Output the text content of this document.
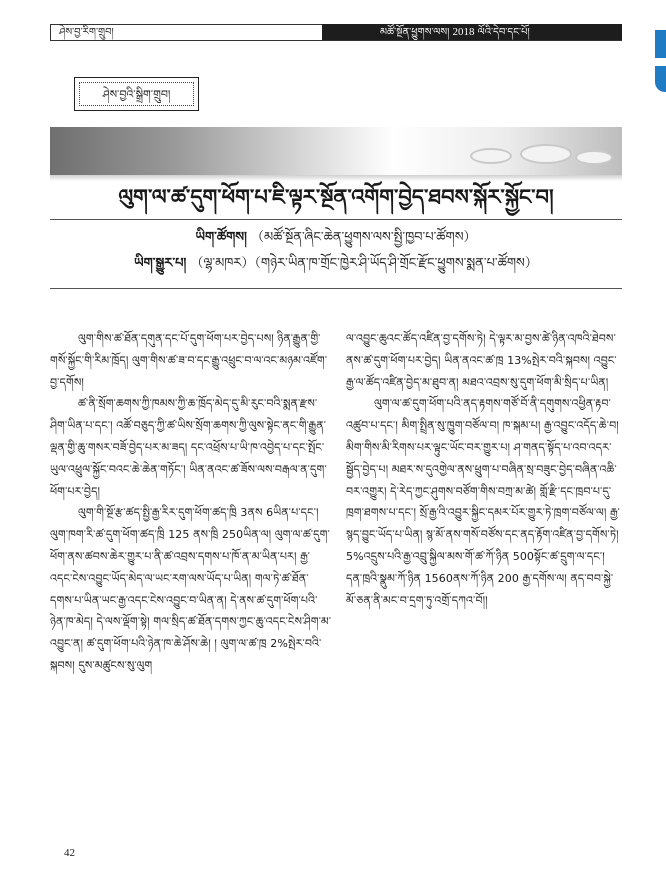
ཤེས་བྱ་རིག་གྲུབ།	མཚོ་སྔོན་ཕྱུགས་ལས། 2018 ལོའི་དེབ་དང་པོ།
ཤེས་བྱའི་སྒྲིག་གྲུབ།
ལུག་ལ་ཚ་དུག་ཕོག་པ་ཇི་ལྟར་སྔོན་འགོག་བྱེད་ཐབས་སྐོར་སྐྱོང་བ།
ཡིག་ཚོགས། （མཚོ་སྔོན་ཞིང་ཆེན་ཕྱུགས་ལས་སྤྱི་ཁྱབ་པ་ཚོགས）
ཡིག་སྒྱུར་པ། （ལྷ་མཁར）（གཉེར་ཡིན་ཁ་གྲོང་ཁྱེར་ཤི་ཡོད་ཤི་གྲོང་རྫོང་ཕྱུགས་སྨན་པ་ཚོགས）

ལུག་གིས་ཚ་ཐོན་དགུན་དང་པོ་དུག་ཕོག་པར་བྱེད་པས། ཉིན་རྒྱུན་གྱི་གསོ་སྐྱོང་གི་རིམ་ཁྲོད། ལུག་གིས་ཚ་ཟ་བ་དང་རྒྱུ་འཕྲུང་བ་ལ་འང་མཉམ་འཛོག་བྱ་དགོས།

ཚ་ནི་སྲོག་ཆགས་ཀྱི་ཁམས་ཀྱི་ཆ་ཁྲོད་མེད་དུ་མི་རུང་བའི་སྨན་རྫས་ཤིག་ཡིན་པ་དང་། འཚོ་བཅུད་ཀྱི་ཚ་ཡིས་སྲོག་ཆགས་ཀྱི་ལུས་སྟེང་ནང་གི་རྒྱུན་ལྡན་གྱི་ཆུ་གསར་བཟོ་བྱེད་པར་མ་ཟད། དང་འཕྲོས་པ་ཡི་ཁ་འབྱེད་པ་དང་སྤོང་ཡུལ་འཕྲུལ་སྐྱོང་བའང་ཆེ་ཆེན་གཏོང་། ཡིན་ནའང་ཚ་ཟོས་ལས་བརྒལ་ན་དུག་ཕོག་པར་བྱེད།

ལུག་གི་སྔོ་རྩ་ཚད་སྤྱི་རྒྱ་རིར་དུག་ཕོག་ཚད་ཁྲི 3ནས 6ཡིན་པ་དང་། ལུག་ཁག་རི་ཚ་དུག་ཕོག་ཚད་ཁྲི 125 ནས་ཁྲི 250ཡིན་ལ། ལུག་ལ་ཚ་དུག་ཕོག་ནས་ཚབས་ཆེར་གྱུར་པ་ནི་ཚ་འབྲས་དགས་པ་ཁོ་ན་མ་ཡིན་པར། རྒྱ་འདང་ངེས་འབྱུང་ཡོད་མེད་ལ་ཡང་རག་ལས་ཡོད་པ་ཡིན། གལ་ཏེ་ཚ་ཐོན་དགས་པ་ཡིན་ཡང་རྒྱ་འདང་ངེས་འབྱུང་བ་ཡིན་ན། དེ་ནས་ཚ་དུག་ཕོག་པའི་ཉེན་ཁ་མེད། དེ་ལས་ལྡོག་སྟེ། གལ་སྲིད་ཚ་ཐོན་དགས་ཀྱང་ཆུ་འདང་ངེས་ཤིག་མ་འབྱུང་ན། ཚ་དུག་ཕོག་པའི་ཉེན་ཁ་ཆེ་ཤོས་ཆེ། ། ལུག་ལ་ཚ་ཁྲ 2%སྤེར་བའི་སྐབས། དུས་མཚུངས་སུ་ལུག

ལ་འབྱུང་ཆུའང་ཚོད་འཛིན་བྱ་དགོས་ཏེ། དེ་ལྟར་མ་བྱས་ཚེ་ཉིན་འཁའི་ཐེབས་ནས་ཚ་དུག་ཕོག་པར་བྱེད། ཡིན་ནའང་ཚ་ཁྲ 13%སྤེར་བའི་སྐབས། འབྱུང་རྒྱ་ལ་ཚོད་འཛིན་བྱེད་མ་ཐུབ་ན། མཐའ་འབྲས་སུ་དུག་ཕོག་མི་སྲིད་པ་ཡིན།

ལུག་ལ་ཚ་དུག་ཕོག་པའི་ནད་རྟགས་གཙོ་བོ་ནི་དགུགས་འཕྱིན་རྟབ་འཚུབ་པ་དང་། མིག་སྤྲིན་སུ་ཁྱུག་བཙོལ་བ། ཁ་སྐམ་པ། རྒྱ་འབྱུང་འདོད་ཆེ་བ། མིག་གིས་མི་རིགས་པར་ལྟུང་ཡོང་བར་གྱུར་པ། ཤ་གནད་སྟོད་པ་འབ་འདར་སྦྱོད་བྱེད་པ། མཐར་ས་དུའགྱེལ་ནས་ཕྲུག་པ་བཞིན་སྲ་བཟུང་བྱེད་བཞིན་འཆི་བར་འགྱུར། དེ་རེད་ཀྱང་ཤུགས་བཙོག་གིས་བཀྲ་མ་ཚེ། གློ་རྫི་དང་ཁྲབ་པ་དུ་ཁྲག་ཐགས་པ་དང་། སྲོ་རྒྱ་འི་འབྱུར་སྐྱིང་དམར་པོར་གྱུར་ཏེ་ཁྲག་བཙོལ་ལ། རྒྱ་སྙད་བྱུང་ཡོད་པ་ཡིན། སྙ་མོ་ནས་གསོ་བཙོས་དང་ནད་རྟོག་འཛིན་བྱ་དགོས་ཏེ། 5%འདྲུས་པའི་རྒྱ་འབྲུ་སྐྱིལ་མས་གོ་ཚ་ཀོ་ཉིན 500སྟོང་ཚ་དྲུག་ལ་དང་། དན་ཁྲའི་སྣུམ་ཀོ་ཉིན 1560ནས་ཀོ་ཉིན 200 རྒྱ་དགོས་ལ། ནད་བབ་སྐྱེ་མོ་ཅན་ནི་མང་བ་དྲག་ཏུ་འགྲོ་དཀའ་བོ།།

42
